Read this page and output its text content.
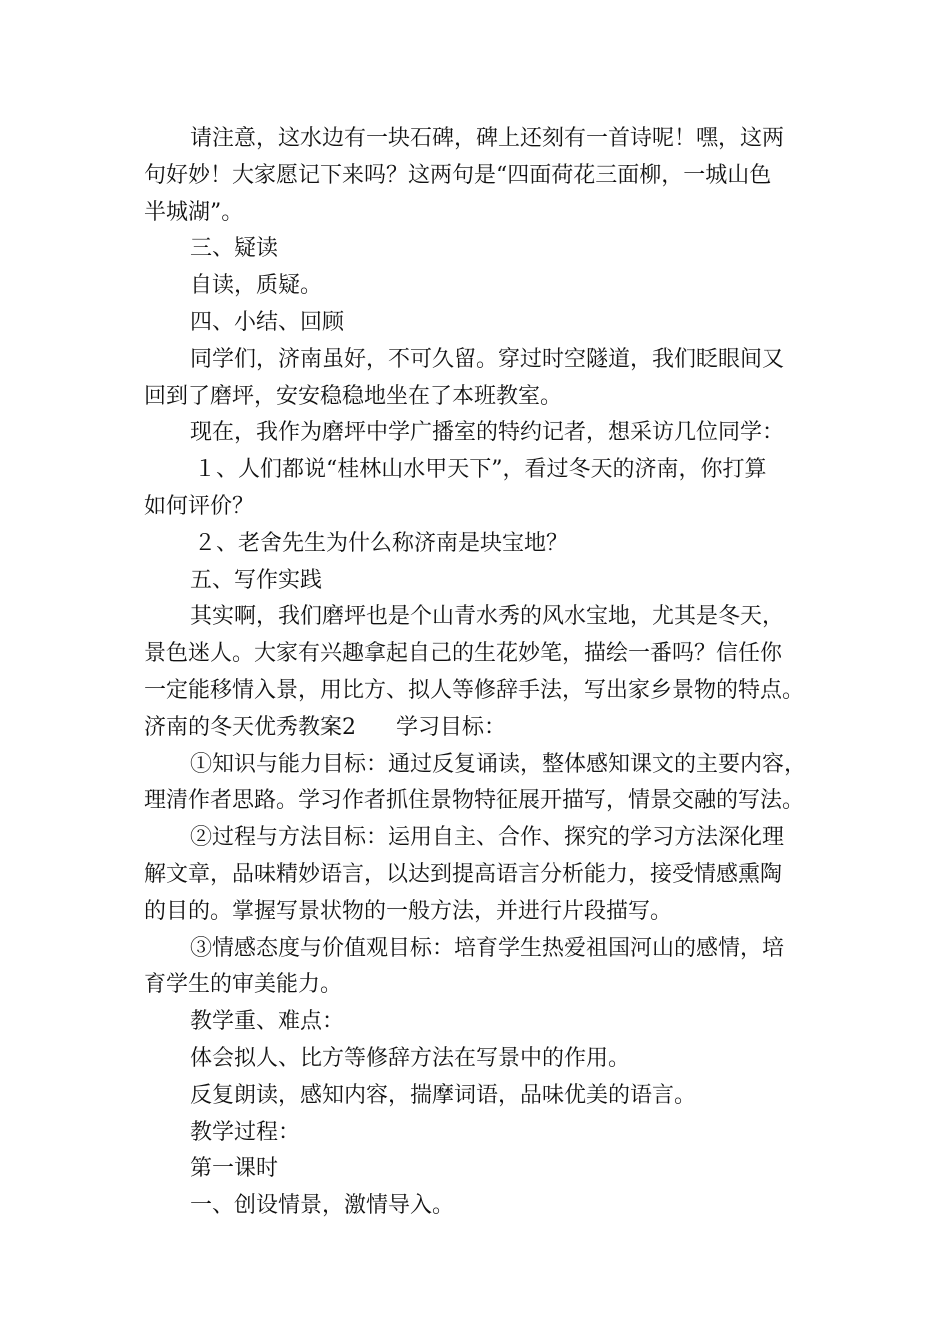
请注意，这水边有一块石碑，碑上还刻有一首诗呢！嘿，这两
句好妙！大家愿记下来吗？这两句是“四面荷花三面柳，一城山色
半城湖”。
三、疑读
自读，质疑。
四、小结、回顾
同学们，济南虽好，不可久留。穿过时空隧道，我们眨眼间又
回到了磨坪，安安稳稳地坐在了本班教室。
现在，我作为磨坪中学广播室的特约记者，想采访几位同学：
１、人们都说“桂林山水甲天下”，看过冬天的济南，你打算
如何评价？
２、老舍先生为什么称济南是块宝地？
五、写作实践
其实啊，我们磨坪也是个山青水秀的风水宝地，尤其是冬天，
景色迷人。大家有兴趣拿起自己的生花妙笔，描绘一番吗？信任你
一定能移情入景，用比方、拟人等修辞手法，写出家乡景物的特点。
济南的冬天优秀教案2 学习目标：
①知识与能力目标：通过反复诵读，整体感知课文的主要内容，
理清作者思路。学习作者抓住景物特征展开描写，情景交融的写法。
②过程与方法目标：运用自主、合作、探究的学习方法深化理
解文章，品味精妙语言，以达到提高语言分析能力，接受情感熏陶
的目的。掌握写景状物的一般方法，并进行片段描写。
③情感态度与价值观目标：培育学生热爱祖国河山的感情，培
育学生的审美能力。
教学重、难点：
体会拟人、比方等修辞方法在写景中的作用。
反复朗读，感知内容，揣摩词语，品味优美的语言。
教学过程：
第一课时
一、创设情景，激情导入。
